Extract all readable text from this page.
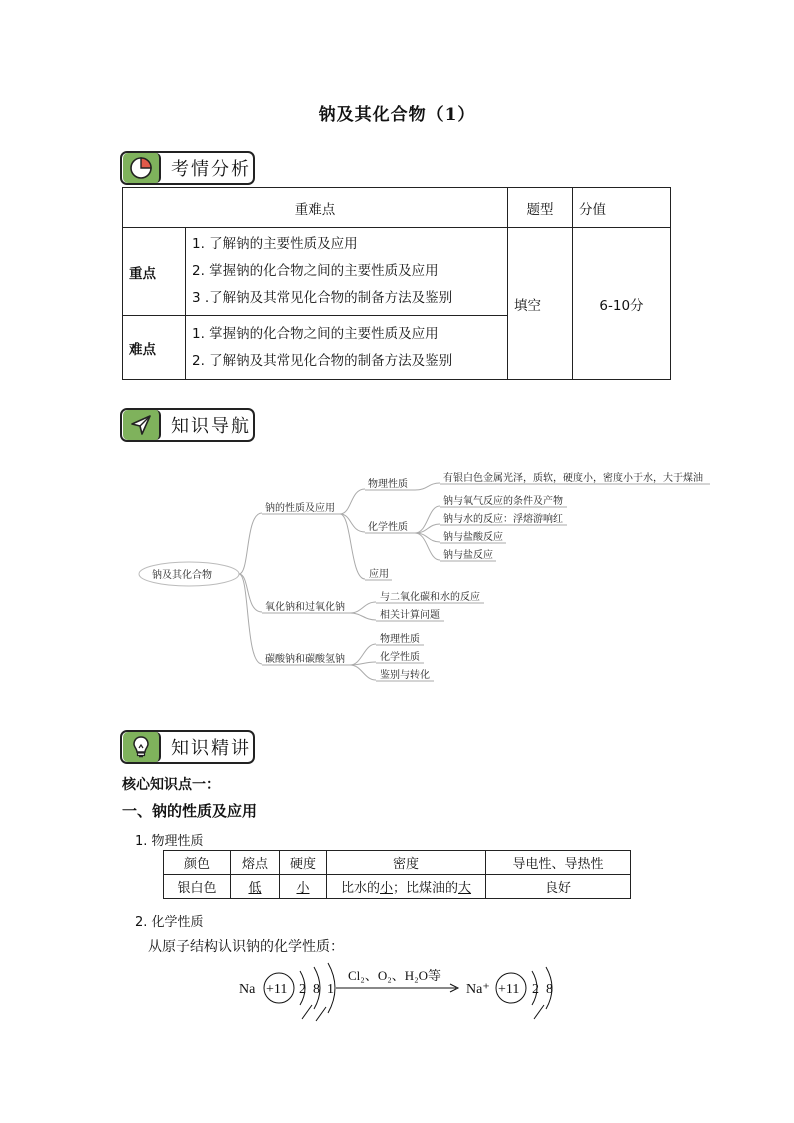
钠及其化合物（1）
考情分析
重难点		题型	分值
重点	1. 了解钠的主要性质及应用
2. 掌握钠的化合物之间的主要性质及应用
3 .了解钠及其常见化合物的制备方法及鉴别	填空	6-10分
难点	1. 掌握钠的化合物之间的主要性质及应用
2. 了解钠及其常见化合物的制备方法及鉴别		
知识导航
钠及其化合物
钠的性质及应用
物理性质
有银白色金属光泽，质软，硬度小，密度小于水，大于煤油
化学性质
钠与氧气反应的条件及产物
钠与水的反应：浮熔游响红
钠与盐酸反应
钠与盐反应
应用
氧化钠和过氧化钠
与二氧化碳和水的反应
相关计算问题
碳酸钠和碳酸氢钠
物理性质
化学性质
鉴别与转化
知识精讲
核心知识点一：
一、钠的性质及应用
1. 物理性质
颜色	熔点	硬度	密度	导电性、导热性
银白色	低	小	比水的小；比煤油的大	良好
2. 化学性质
从原子结构认识钠的化学性质：
Na +11 2 8 1
Cl₂、O₂、H₂O等
Na⁺ +11 2 8
